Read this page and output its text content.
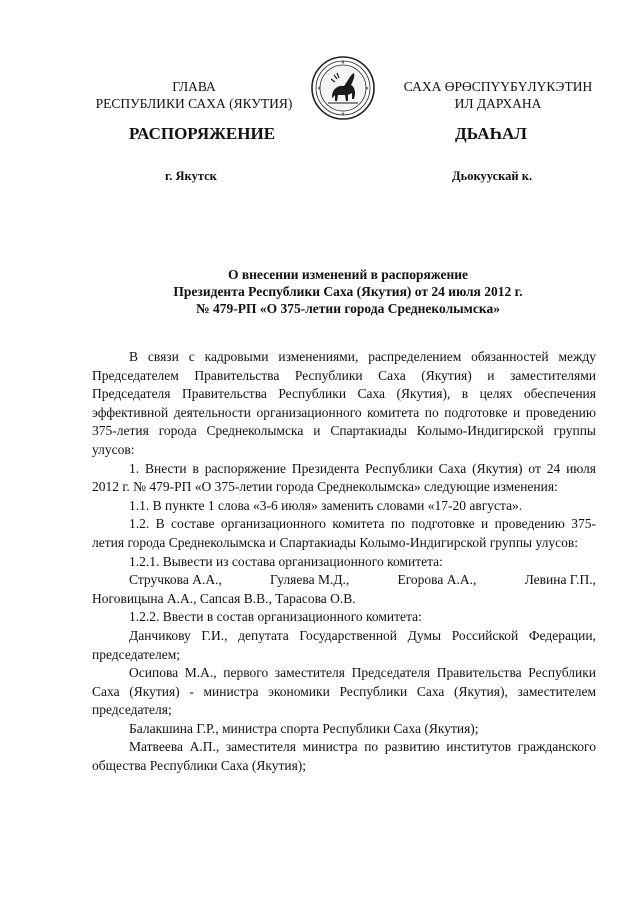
ГЛАВА
РЕСПУБЛИКИ САХА (ЯКУТИЯ)
САХА ӨРӨСПҮҮБҮЛҮКЭТИН
ИЛ ДАРХАНА
РАСПОРЯЖЕНИЕ	ДЬАҺАЛ
г. Якутск	Дьокуускай к.
О внесении изменений в распоряжение
Президента Республики Саха (Якутия) от 24 июля 2012 г.
№ 479-РП «О 375-летии города Среднеколымска»

В связи с кадровыми изменениями, распределением обязанностей между Председателем Правительства Республики Саха (Якутия) и заместителями Председателя Правительства Республики Саха (Якутия), в целях обеспечения эффективной деятельности организационного комитета по подготовке и проведению 375-летия города Среднеколымска и Спартакиады Колымо-Индигирской группы улусов:

1. Внести в распоряжение Президента Республики Саха (Якутия) от 24 июля 2012 г. № 479-РП «О 375-летии города Среднеколымска» следующие изменения:

1.1. В пункте 1 слова «3-6 июля» заменить словами «17-20 августа».

1.2. В составе организационного комитета по подготовке и проведению 375-летия города Среднеколымска и Спартакиады Колымо-Индигирской группы улусов:

1.2.1. Вывести из состава организационного комитета:

Стручкова А.А.,	Гуляева М.Д.,	Егорова А.А.,	Левина Г.П.,

Ноговицына А.А., Сапсая В.В., Тарасова О.В.

1.2.2. Ввести в состав организационного комитета:

Данчикову Г.И., депутата Государственной Думы Российской Федерации, председателем;

Осипова М.А., первого заместителя Председателя Правительства Республики Саха (Якутия) - министра экономики Республики Саха (Якутия), заместителем председателя;

Балакшина Г.Р., министра спорта Республики Саха (Якутия);

Матвеева А.П., заместителя министра по развитию институтов гражданского общества Республики Саха (Якутия);
